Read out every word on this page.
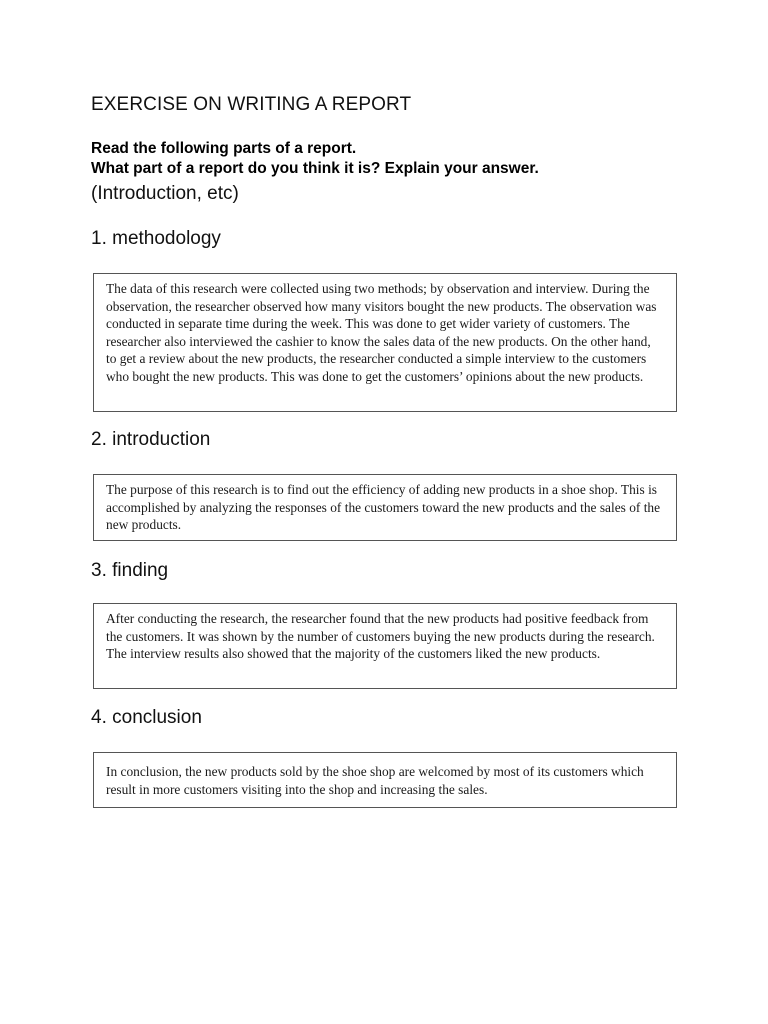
EXERCISE ON WRITING A REPORT
Read the following parts of a report.
What part of a report do you think it is? Explain your answer.
(Introduction, etc)
1. methodology
The data of this research were collected using two methods; by observation and interview. During the observation, the researcher observed how many visitors bought the new products. The observation was conducted in separate time during the week. This was done to get wider variety of customers. The researcher also interviewed the cashier to know the sales data of the new products. On the other hand, to get a review about the new products, the researcher conducted a simple interview to the customers who bought the new products. This was done to get the customers’ opinions about the new products.
2. introduction
The purpose of this research is to find out the efficiency of adding new products in a shoe shop. This is accomplished by analyzing the responses of the customers toward the new products and the sales of the new products.
3. finding
After conducting the research, the researcher found that the new products had positive feedback from the customers. It was shown by the number of customers buying the new products during the research. The interview results also showed that the majority of the customers liked the new products.
4. conclusion
In conclusion, the new products sold by the shoe shop are welcomed by most of its customers which result in more customers visiting into the shop and increasing the sales.
